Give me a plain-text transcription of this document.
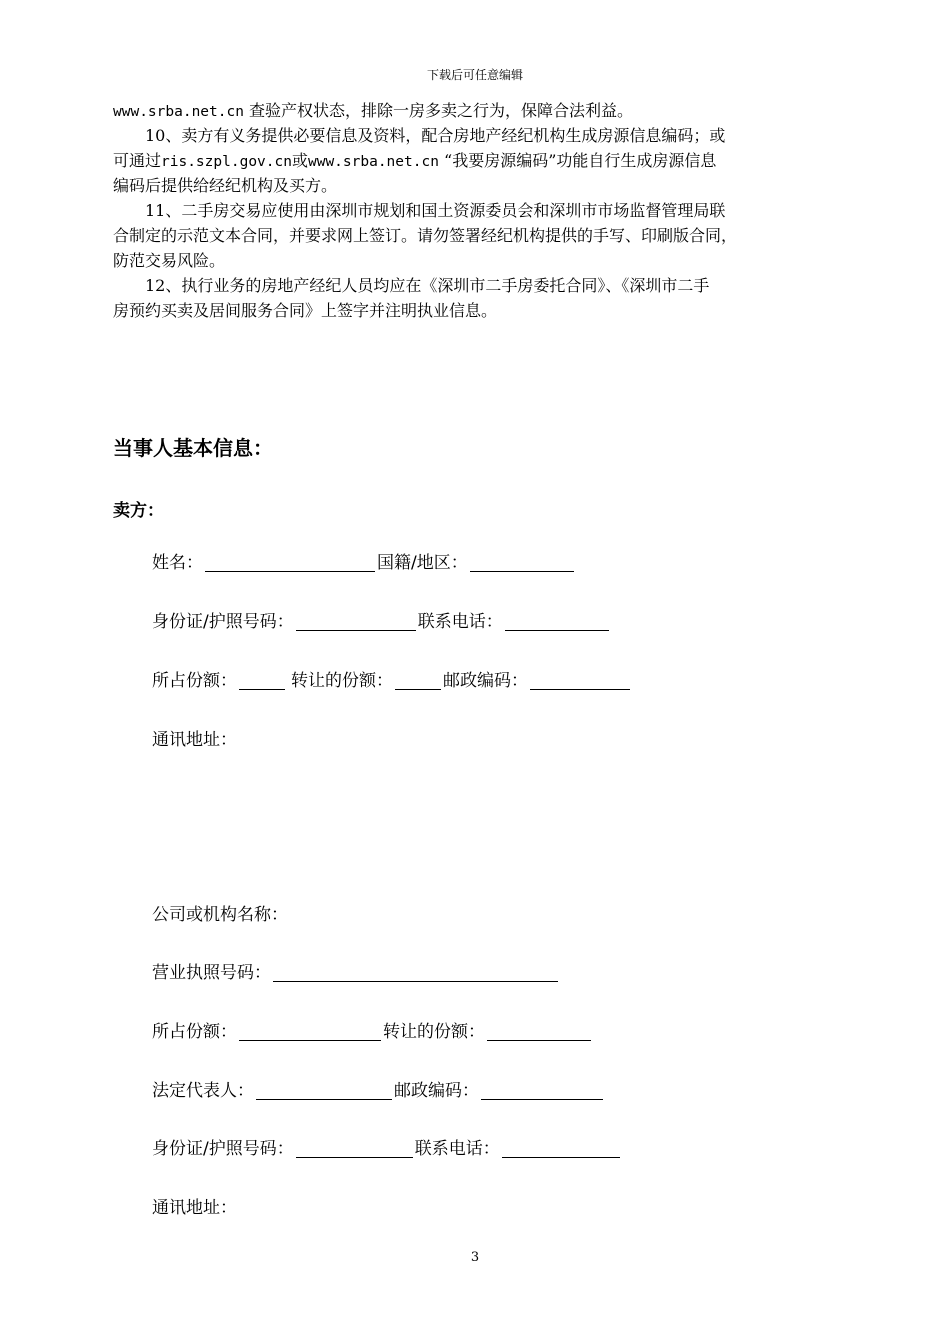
下载后可任意编辑
www.srba.net.cn 查验产权状态，排除一房多卖之行为，保障合法利益。
10、卖方有义务提供必要信息及资料，配合房地产经纪机构生成房源信息编码；或
可通过ris.szpl.gov.cn或www.srba.net.cn “我要房源编码”功能自行生成房源信息
编码后提供给经纪机构及买方。
11、二手房交易应使用由深圳市规划和国土资源委员会和深圳市市场监督管理局联
合制定的示范文本合同，并要求网上签订。请勿签署经纪机构提供的手写、印刷版合同，
防范交易风险。
12、执行业务的房地产经纪人员均应在《深圳市二手房委托合同》、《深圳市二手
房预约买卖及居间服务合同》上签字并注明执业信息。
当事人基本信息：
卖方：
姓名：	国籍/地区：
身份证/护照号码：	联系电话：
所占份额：	转让的份额：	邮政编码：
通讯地址：
公司或机构名称：
营业执照号码：
所占份额：	转让的份额：
法定代表人：	邮政编码：
身份证/护照号码：	联系电话：
通讯地址：
3
